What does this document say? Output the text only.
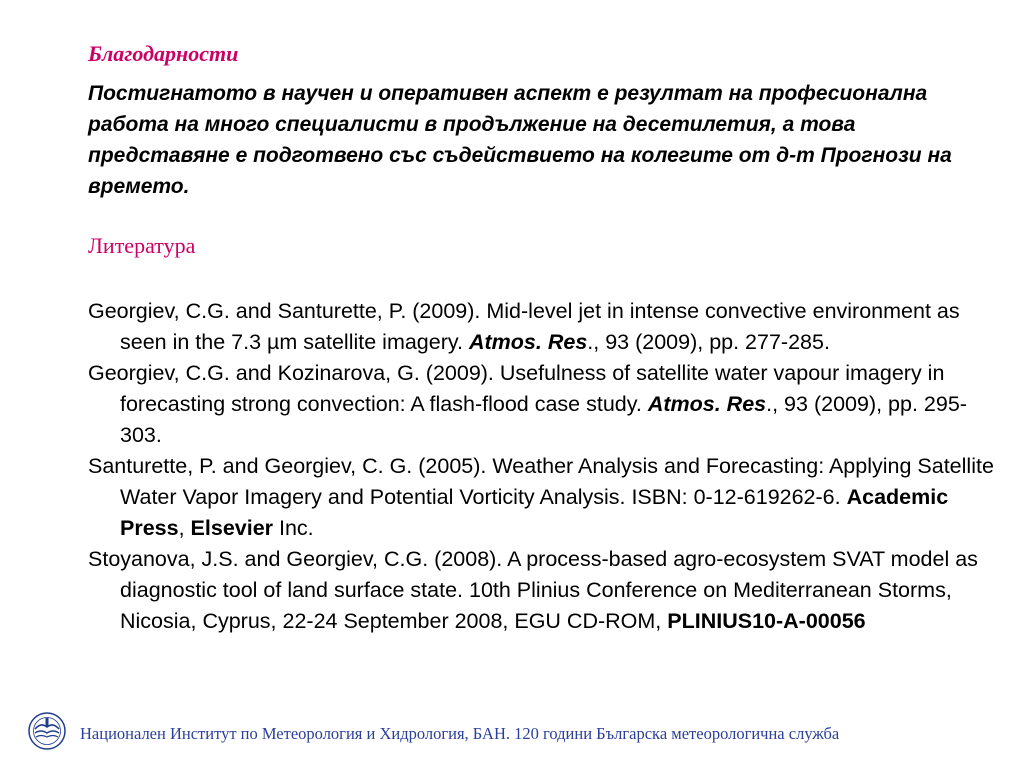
Благодарности

Постигнатото в научен и оперативен аспект е резултат на професионална работа на много специалисти в продължение на десетилетия, а това представяне е подготвено със съдействието на колегите от д-т Прогнози на времето.

Литература

Georgiev, C.G. and Santurette, P. (2009). Mid-level jet in intense convective environment as seen in the 7.3 µm satellite imagery. Atmos. Res., 93 (2009), pp. 277-285.

Georgiev, C.G. and Kozinarova, G. (2009). Usefulness of satellite water vapour imagery in forecasting strong convection: A flash-flood case study. Atmos. Res., 93 (2009), pp. 295-303.

Santurette, P. and Georgiev, C. G. (2005). Weather Analysis and Forecasting: Applying Satellite Water Vapor Imagery and Potential Vorticity Analysis. ISBN: 0-12-619262-6. Academic Press, Elsevier Inc.

Stoyanova, J.S. and Georgiev, C.G. (2008). A process-based agro-ecosystem SVAT model as diagnostic tool of land surface state. 10th Plinius Conference on Mediterranean Storms, Nicosia, Cyprus, 22-24 September 2008, EGU CD-ROM, PLINIUS10-A-00056

Национален Институт по Метеорология и Хидрология, БАН. 120 години Българска метеорологична служба
